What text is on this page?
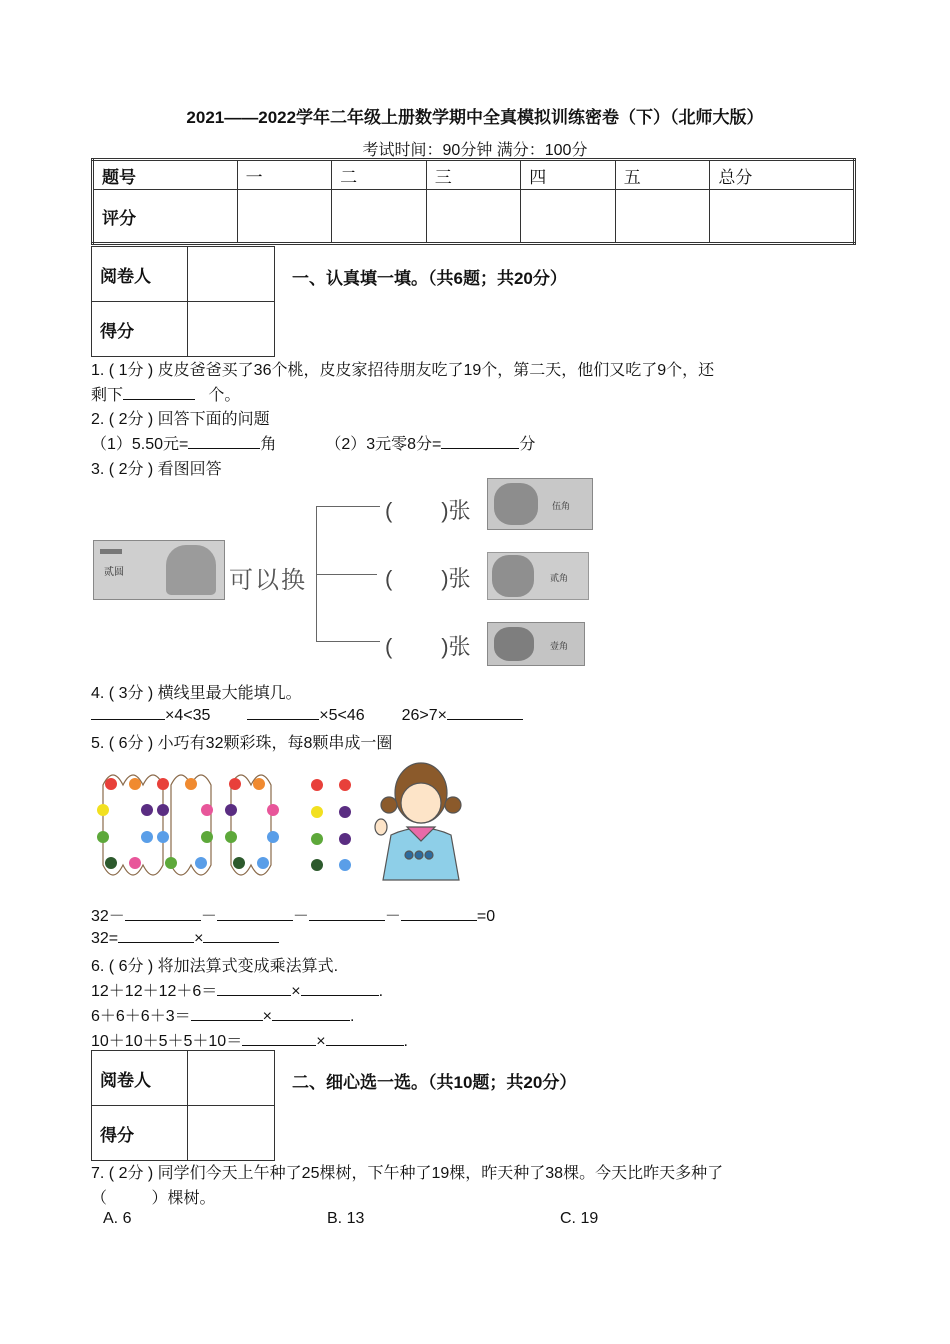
2021——2022学年二年级上册数学期中全真模拟训练密卷（下）（北师大版）
考试时间：90分钟 满分：100分
题号	一	二	三	四	五	总分
评分						
阅卷人	
得分	
一、认真填一填。（共6题；共20分）
1. ( 1分 ) 皮皮爸爸买了36个桃，皮皮家招待朋友吃了19个，第二天，他们又吃了9个，还
剩下	个。
2. ( 2分 ) 回答下面的问题
（1）5.50元=	角	（2）3元零8分=	分
3. ( 2分 ) 看图回答
贰圆	可以换
(        )张
(        )张
(        )张
伍角
贰角
壹角
4. ( 3分 ) 横线里最大能填几。
×4<35	×5<46 26>7×
5. ( 6分 ) 小巧有32颗彩珠，每8颗串成一圈
32－	－	－	－	=0
32=	×
6. ( 6分 ) 将加法算式变成乘法算式.
12＋12＋12＋6＝	×	.
6＋6＋6＋3＝	×	.
10＋10＋5＋5＋10＝	×	.
阅卷人	
得分	
二、细心选一选。（共10题；共20分）
7. ( 2分 ) 同学们今天上午种了25棵树，下午种了19棵，昨天种了38棵。今天比昨天多种了
（          ）棵树。
A. 6	B. 13	C. 19
